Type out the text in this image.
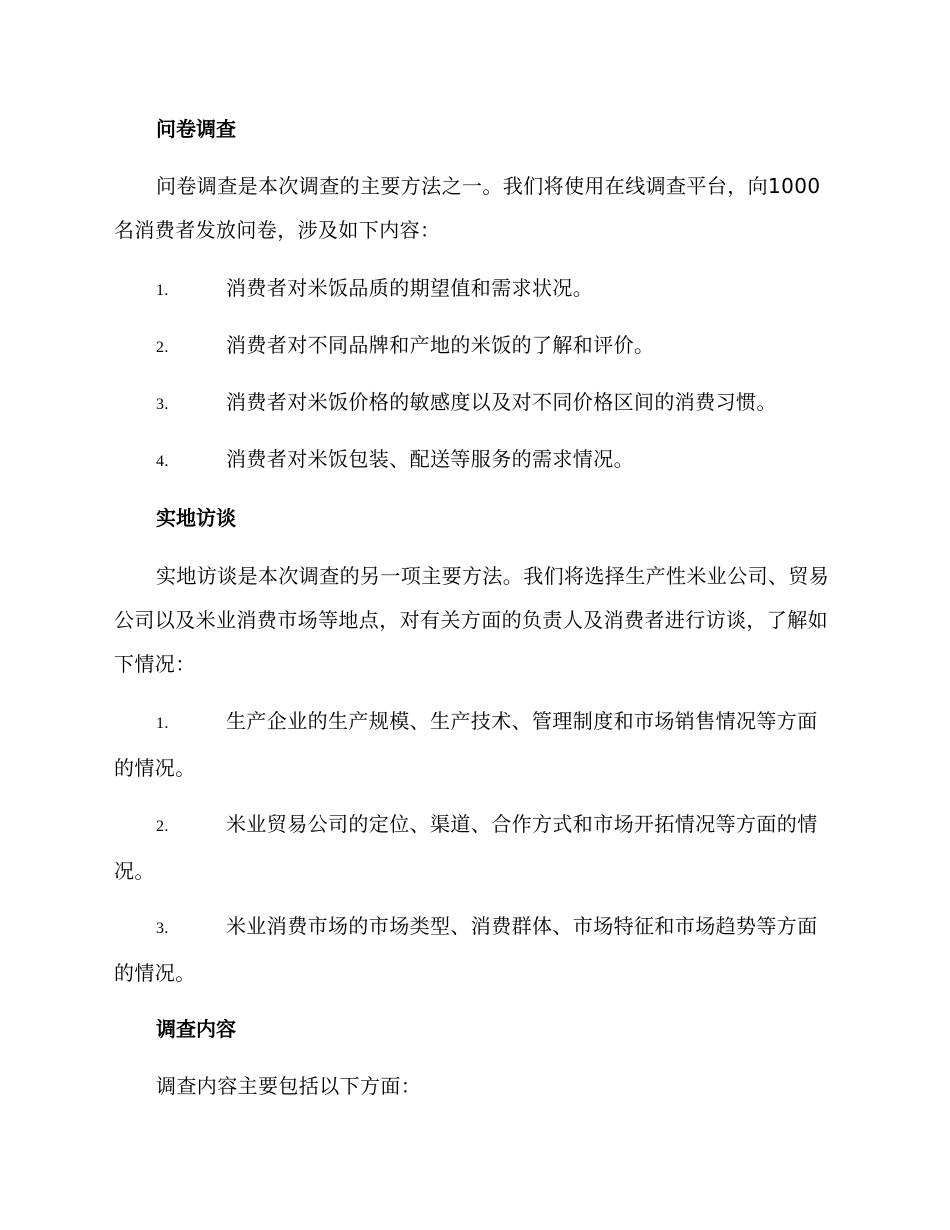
问卷调查
问卷调查是本次调查的主要方法之一。我们将使用在线调查平台，向1000 名消费者发放问卷，涉及如下内容：
1.	消费者对米饭品质的期望值和需求状况。
2.	消费者对不同品牌和产地的米饭的了解和评价。
3.	消费者对米饭价格的敏感度以及对不同价格区间的消费习惯。
4.	消费者对米饭包装、配送等服务的需求情况。
实地访谈
实地访谈是本次调查的另一项主要方法。我们将选择生产性米业公司、贸易公司以及米业消费市场等地点，对有关方面的负责人及消费者进行访谈，了解如下情况：
1.	生产企业的生产规模、生产技术、管理制度和市场销售情况等方面的情况。
2.	米业贸易公司的定位、渠道、合作方式和市场开拓情况等方面的情况。
3.	米业消费市场的市场类型、消费群体、市场特征和市场趋势等方面的情况。
调查内容
调查内容主要包括以下方面：
